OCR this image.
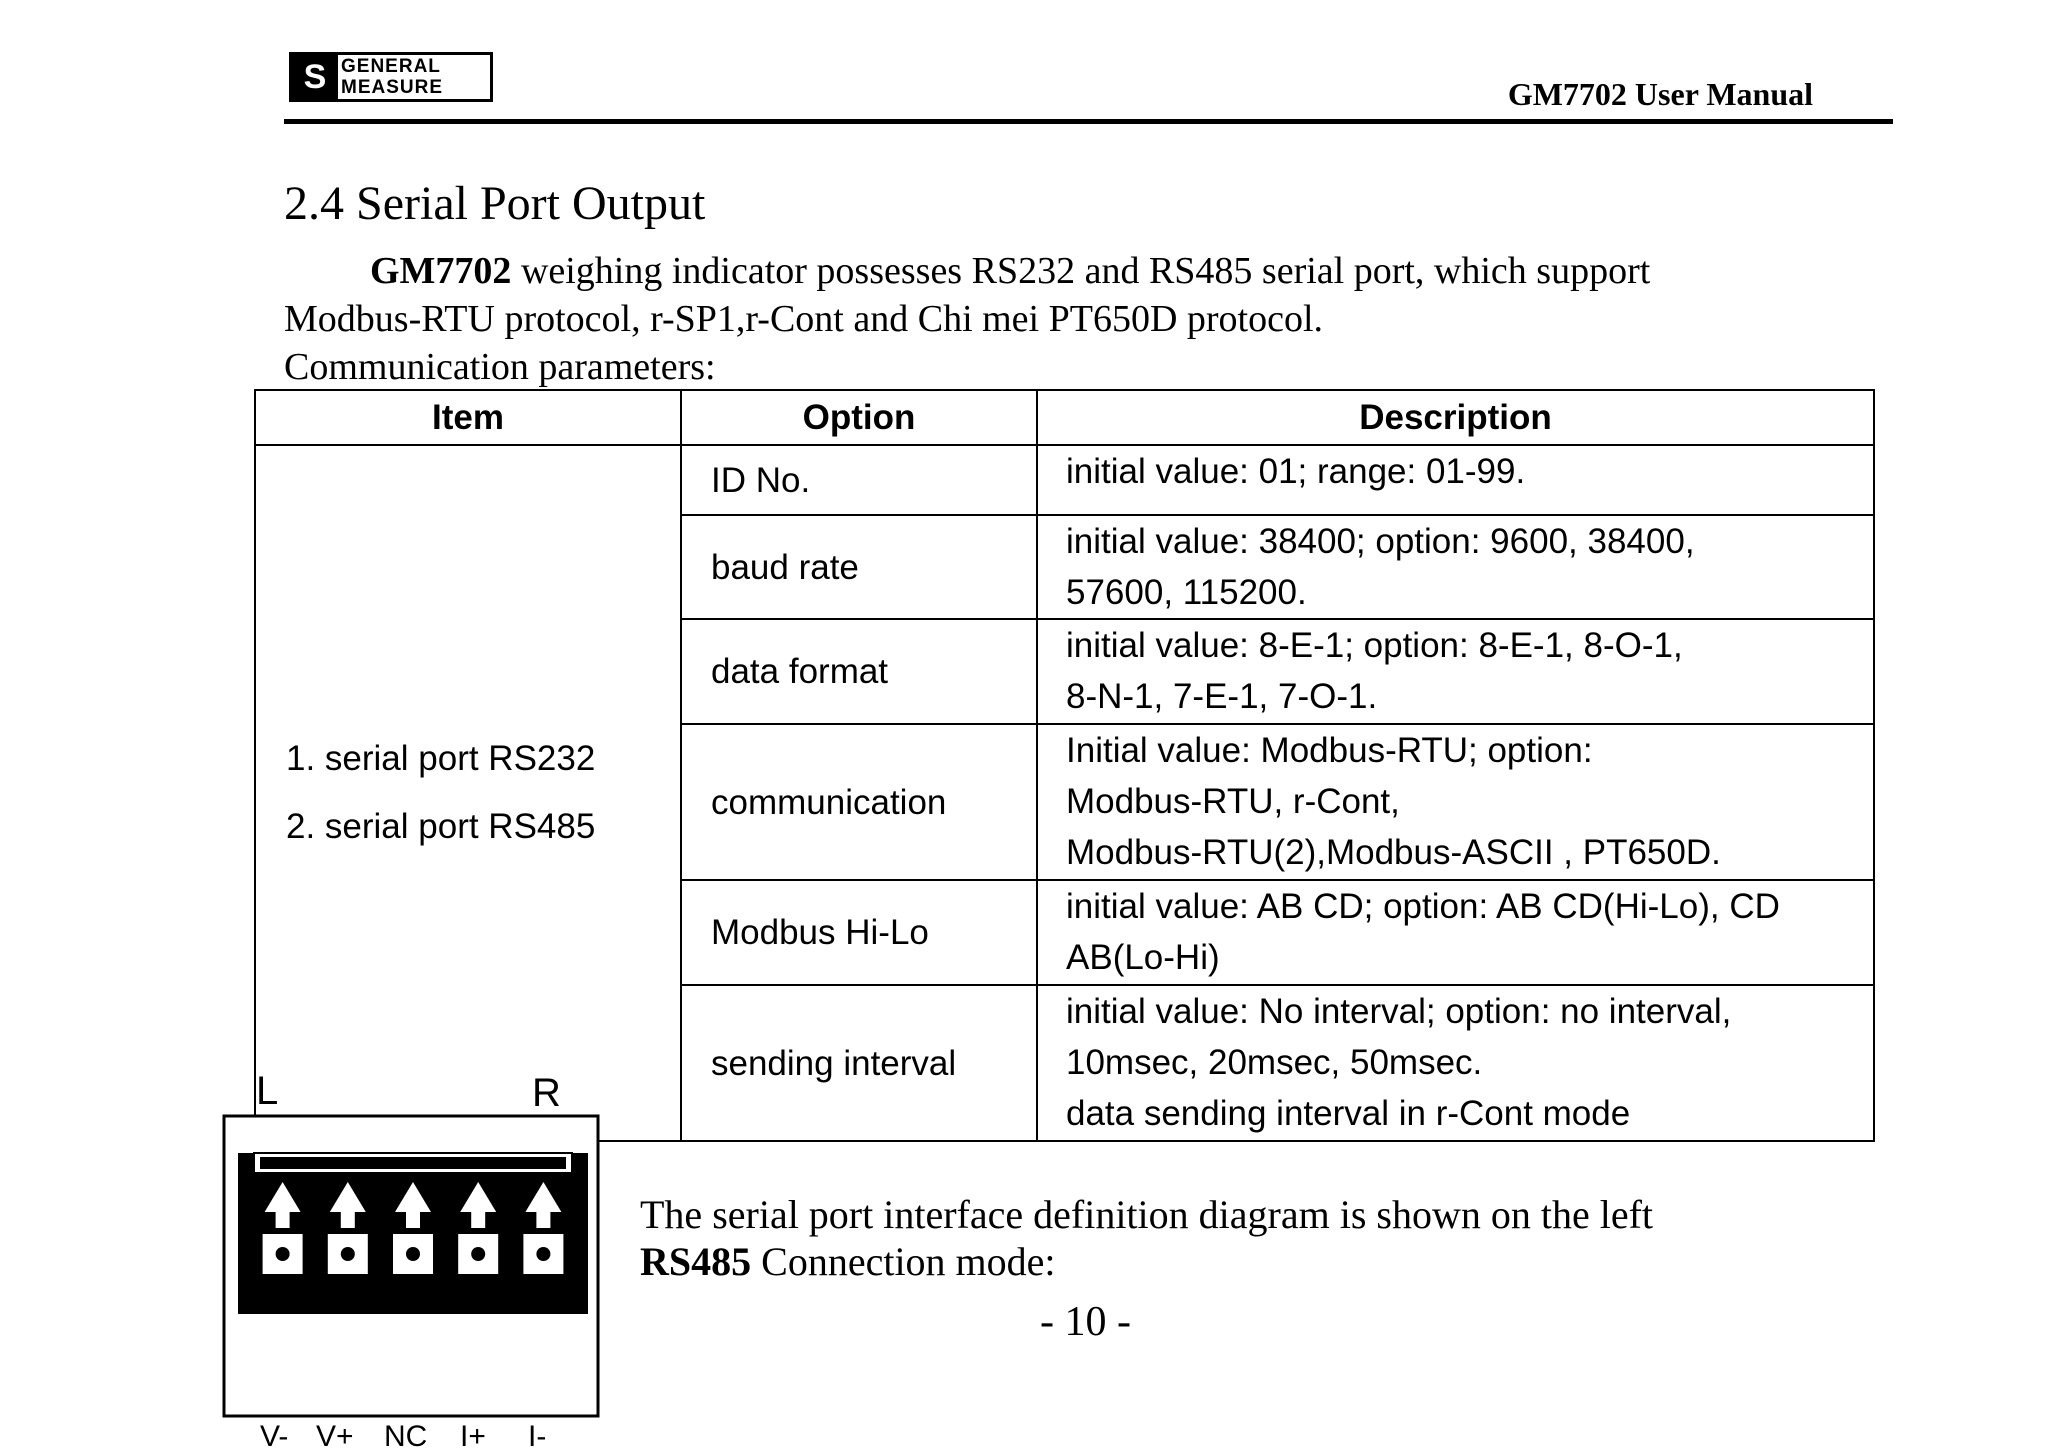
S GENERAL
MEASURE	GM7702 User Manual
2.4 Serial Port Output
GM7702 weighing indicator possesses RS232 and RS485 serial port, which support
Modbus-RTU protocol, r-SP1,r-Cont and Chi mei PT650D protocol.
Communication parameters:
Item	Option	Description

1. serial port RS232
2. serial port RS485	ID No.	initial value: 01; range: 01-99.

	baud rate	initial value: 38400; option: 9600, 38400,
57600, 115200.

	data format	initial value: 8-E-1; option: 8-E-1, 8-O-1,
8-N-1, 7-E-1, 7-O-1.

	communication	Initial value: Modbus-RTU; option:
Modbus-RTU, r-Cont,
Modbus-RTU(2),Modbus-ASCII , PT650D.

	Modbus Hi-Lo	initial value: AB CD; option: AB CD(Hi-Lo), CD
AB(Lo-Hi)

	sending interval	initial value: No interval; option: no interval,
10msec, 20msec, 50msec.
data sending interval in r-Cont mode
L	R
V- V+ NC I+ I-
The serial port interface definition diagram is shown on the left
RS485 Connection mode:
- 10 -
